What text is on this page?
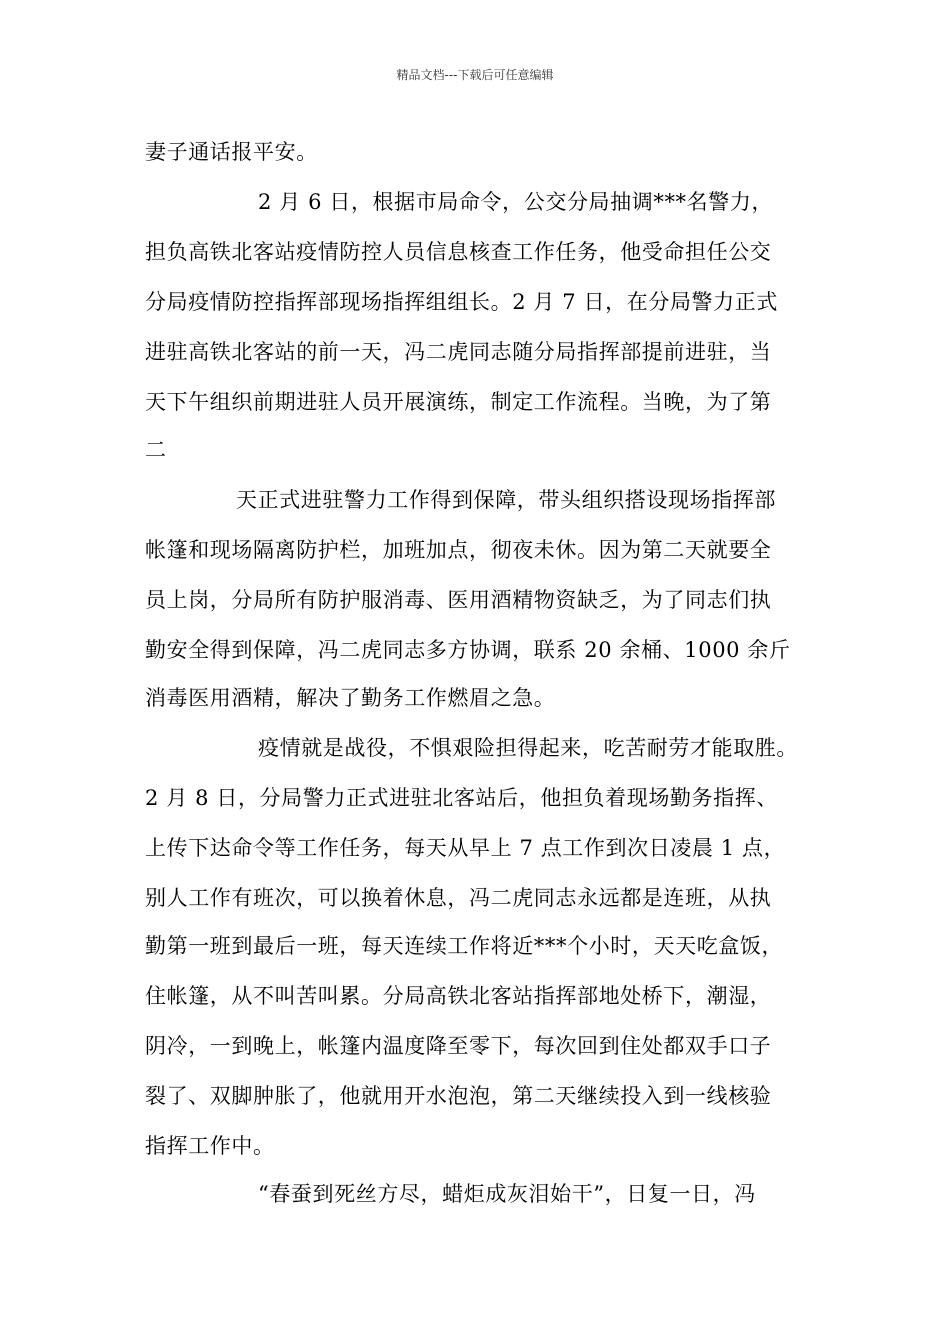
精品文档---下载后可任意编辑
妻子通话报平安。
2 月 6 日，根据市局命令，公交分局抽调***名警力，
担负高铁北客站疫情防控人员信息核查工作任务，他受命担任公交
分局疫情防控指挥部现场指挥组组长。2 月 7 日，在分局警力正式
进驻高铁北客站的前一天，冯二虎同志随分局指挥部提前进驻，当
天下午组织前期进驻人员开展演练，制定工作流程。当晚，为了第
二
天正式进驻警力工作得到保障，带头组织搭设现场指挥部
帐篷和现场隔离防护栏，加班加点，彻夜未休。因为第二天就要全
员上岗，分局所有防护服消毒、医用酒精物资缺乏，为了同志们执
勤安全得到保障，冯二虎同志多方协调，联系 20 余桶、1000 余斤
消毒医用酒精，解决了勤务工作燃眉之急。
疫情就是战役，不惧艰险担得起来，吃苦耐劳才能取胜。
2 月 8 日，分局警力正式进驻北客站后，他担负着现场勤务指挥、
上传下达命令等工作任务，每天从早上 7 点工作到次日凌晨 1 点，
别人工作有班次，可以换着休息，冯二虎同志永远都是连班，从执
勤第一班到最后一班，每天连续工作将近***个小时，天天吃盒饭，
住帐篷，从不叫苦叫累。分局高铁北客站指挥部地处桥下，潮湿，
阴冷，一到晚上，帐篷内温度降至零下，每次回到住处都双手口子
裂了、双脚肿胀了，他就用开水泡泡，第二天继续投入到一线核验
指挥工作中。
“春蚕到死丝方尽，蜡炬成灰泪始干”，日复一日，冯
